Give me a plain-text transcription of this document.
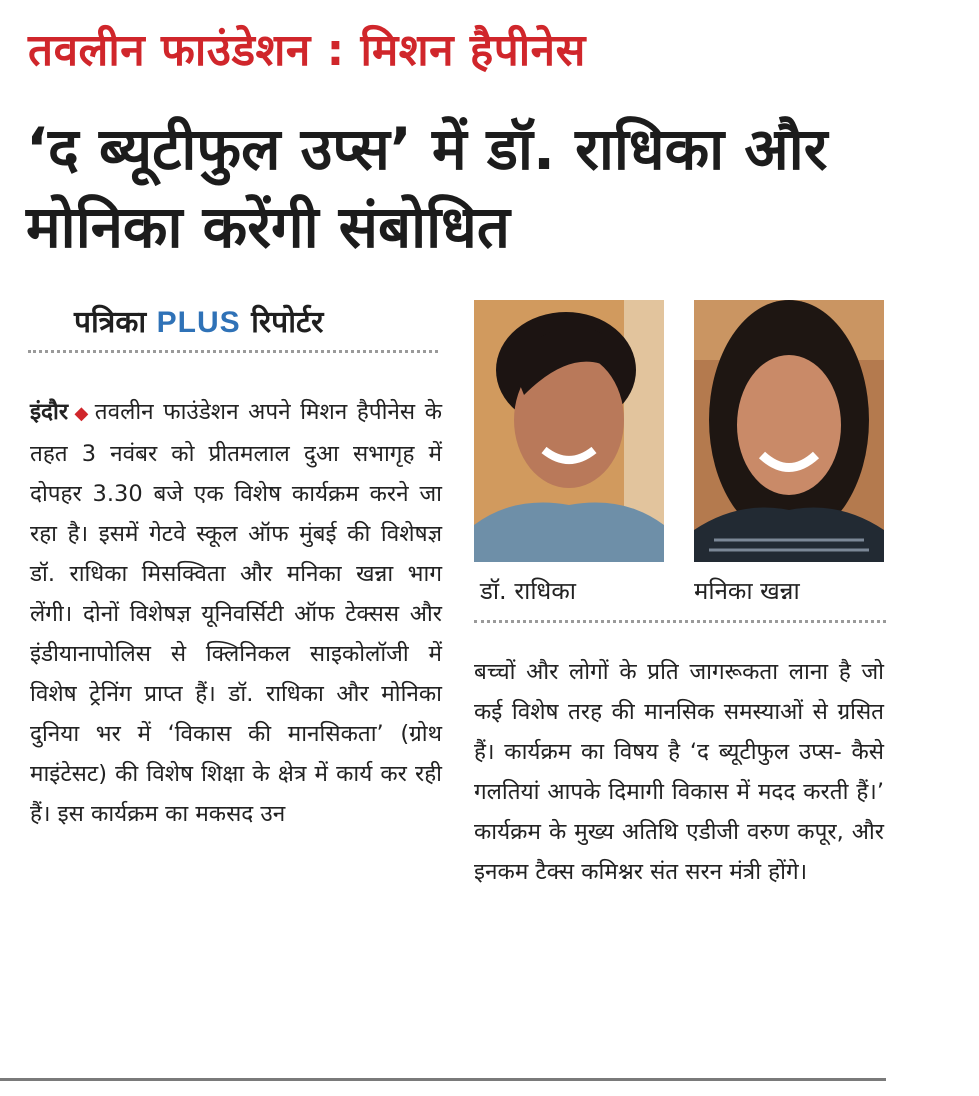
तवलीन फाउंडेशन : मिशन हैपीनेस
‘द ब्यूटीफुल उप्स’ में डॉ. राधिका और मोनिका करेंगी संबोधित
पत्रिका PLUS रिपोर्टर
इंदौर ◆ तवलीन फाउंडेशन अपने मिशन हैपीनेस के तहत 3 नवंबर को प्रीतमलाल दुआ सभागृह में दोपहर 3.30 बजे एक विशेष कार्यक्रम करने जा रहा है। इसमें गेटवे स्कूल ऑफ मुंबई की विशेषज्ञ डॉ. राधिका मिसक्विता और मनिका खन्ना भाग लेंगी। दोनों विशेषज्ञ यूनिवर्सिटी ऑफ टेक्सस और इंडीयानापोलिस से क्लिनिकल साइकोलॉजी में विशेष ट्रेनिंग प्राप्त हैं। डॉ. राधिका और मोनिका दुनिया भर में ‘विकास की मानसिकता’ (ग्रोथ माइंटेसट) की विशेष शिक्षा के क्षेत्र में कार्य कर रही हैं। इस कार्यक्रम का मकसद उन
डॉ. राधिका	मनिका खन्ना
बच्चों और लोगों के प्रति जागरूकता लाना है जो कई विशेष तरह की मानसिक समस्याओं से ग्रसित हैं। कार्यक्रम का विषय है ‘द ब्यूटीफुल उप्स- कैसे गलतियां आपके दिमागी विकास में मदद करती हैं।’ कार्यक्रम के मुख्य अतिथि एडीजी वरुण कपूर, और इनकम टैक्स कमिश्नर संत सरन मंत्री होंगे।
